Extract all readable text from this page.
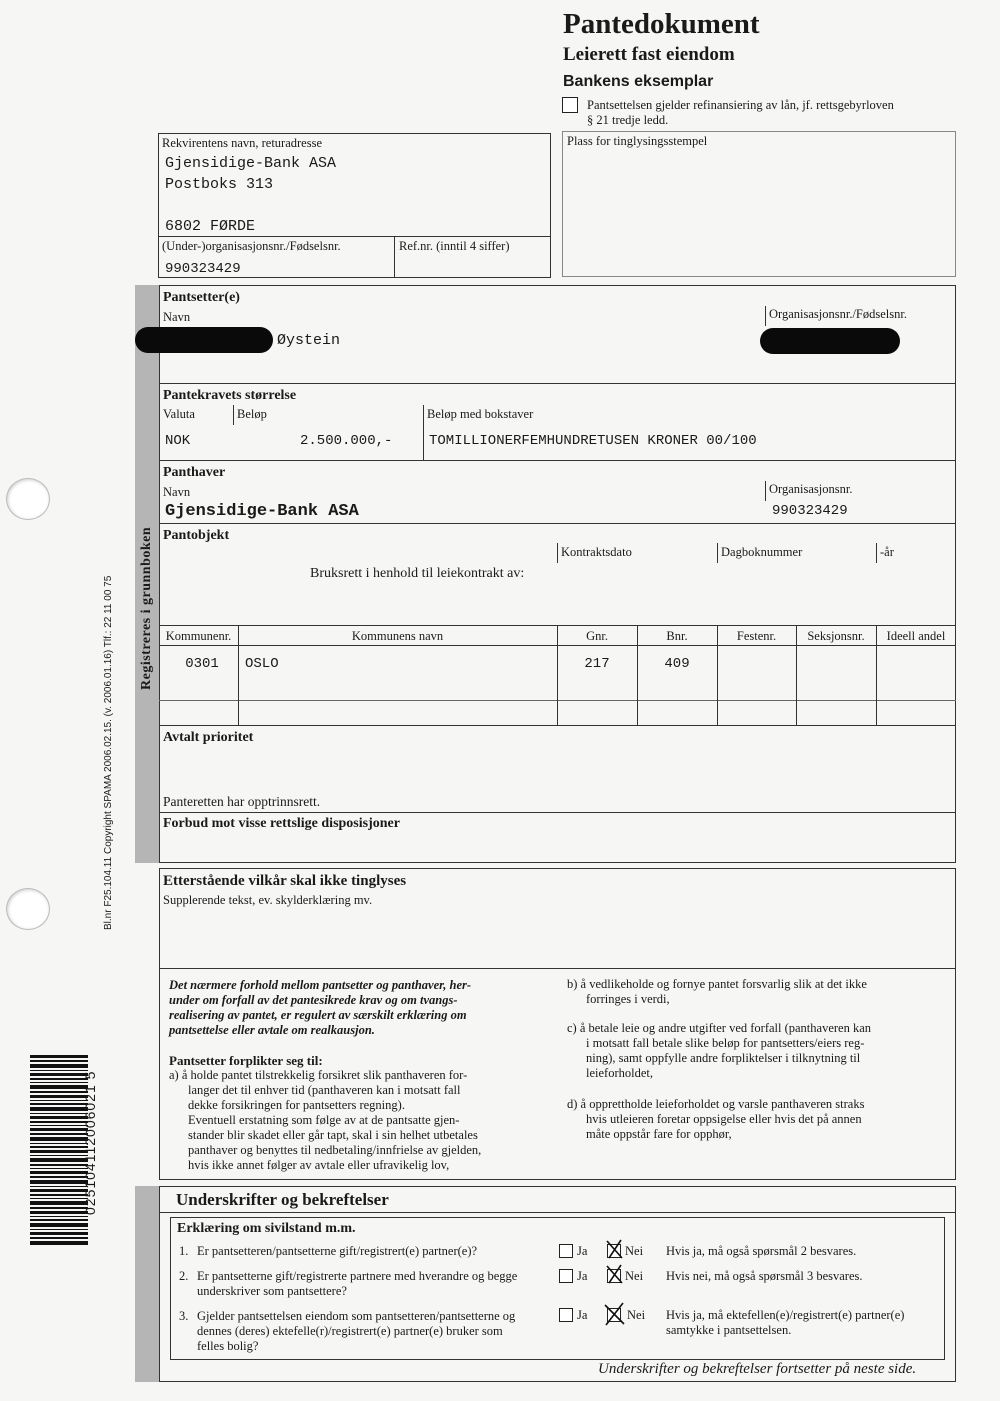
Bl.nr F25.104.11 Copyright SPAMA 2006.02.15. (v. 2006.01.16) Tlf.: 22 11 00 75
025104112006021 5
Pantedokument
Leierett fast eiendom
Bankens eksemplar
Pantsettelsen gjelder refinansiering av lån, jf. rettsgebyrloven
§ 21 tredje ledd.
Plass for tinglysingsstempel
Rekvirentens navn, returadresse
Gjensidige-Bank ASA
Postboks 313
6802 FØRDE
(Under-)organisasjonsnr./Fødselsnr.
990323429
Ref.nr. (inntil 4 siffer)
Registreres i grunnboken
Pantsetter(e)
Navn	Organisasjonsnr./Fødselsnr.
Øystein
Pantekravets størrelse
Valuta	Beløp	Beløp med bokstaver
NOK	2.500.000,-	TOMILLIONERFEMHUNDRETUSEN KRONER 00/100
Panthaver
Navn	Organisasjonsnr.
Gjensidige-Bank ASA	990323429
Pantobjekt
Kontraktsdato	Dagboknummer	-år
Bruksrett i henhold til leiekontrakt av:
Kommunenr.	Kommunens navn	Gnr.	Bnr.	Festenr.	Seksjonsnr.	Ideell andel
0301	OSLO	217	409
Avtalt prioritet
Panteretten har opptrinnsrett.
Forbud mot visse rettslige disposisjoner
Etterstående vilkår skal ikke tinglyses
Supplerende tekst, ev. skylderklæring mv.
Det nærmere forhold mellom pantsetter og panthaver, her-
under om forfall av det pantesikrede krav og om tvangs-
realisering av pantet, er regulert av særskilt erklæring om
pantsettelse eller avtale om realkausjon.
Pantsetter forplikter seg til:
a) å holde pantet tilstrekkelig forsikret slik panthaveren for-
langer det til enhver tid (panthaveren kan i motsatt fall
dekke forsikringen for pantsetters regning).
Eventuell erstatning som følge av at de pantsatte gjen-
stander blir skadet eller går tapt, skal i sin helhet utbetales
panthaver og benyttes til nedbetaling/innfrielse av gjelden,
hvis ikke annet følger av avtale eller ufravikelig lov,
b) å vedlikeholde og fornye pantet forsvarlig slik at det ikke
forringes i verdi,
c) å betale leie og andre utgifter ved forfall (panthaveren kan
i motsatt fall betale slike beløp for pantsetters/eiers reg-
ning), samt oppfylle andre forpliktelser i tilknytning til
leieforholdet,
d) å opprettholde leieforholdet og varsle panthaveren straks
hvis utleieren foretar oppsigelse eller hvis det på annen
måte oppstår fare for opphør,
Underskrifter og bekreftelser
Erklæring om sivilstand m.m.
1. Er pantsetteren/pantsetterne gift/registrert(e) partner(e)?	Ja	Nei Hvis ja, må også spørsmål 2 besvares.
2. Er pantsetterne gift/registrerte partnere med hverandre og begge
underskriver som pantsettere?
Ja	Nei Hvis nei, må også spørsmål 3 besvares.
3. Gjelder pantsettelsen eiendom som pantsetteren/pantsetterne og
dennes (deres) ektefelle(r)/registrert(e) partner(e) bruker som
felles bolig?
Ja	Nei Hvis ja, må ektefellen(e)/registrert(e) partner(e)
samtykke i pantsettelsen.
Underskrifter og bekreftelser fortsetter på neste side.
